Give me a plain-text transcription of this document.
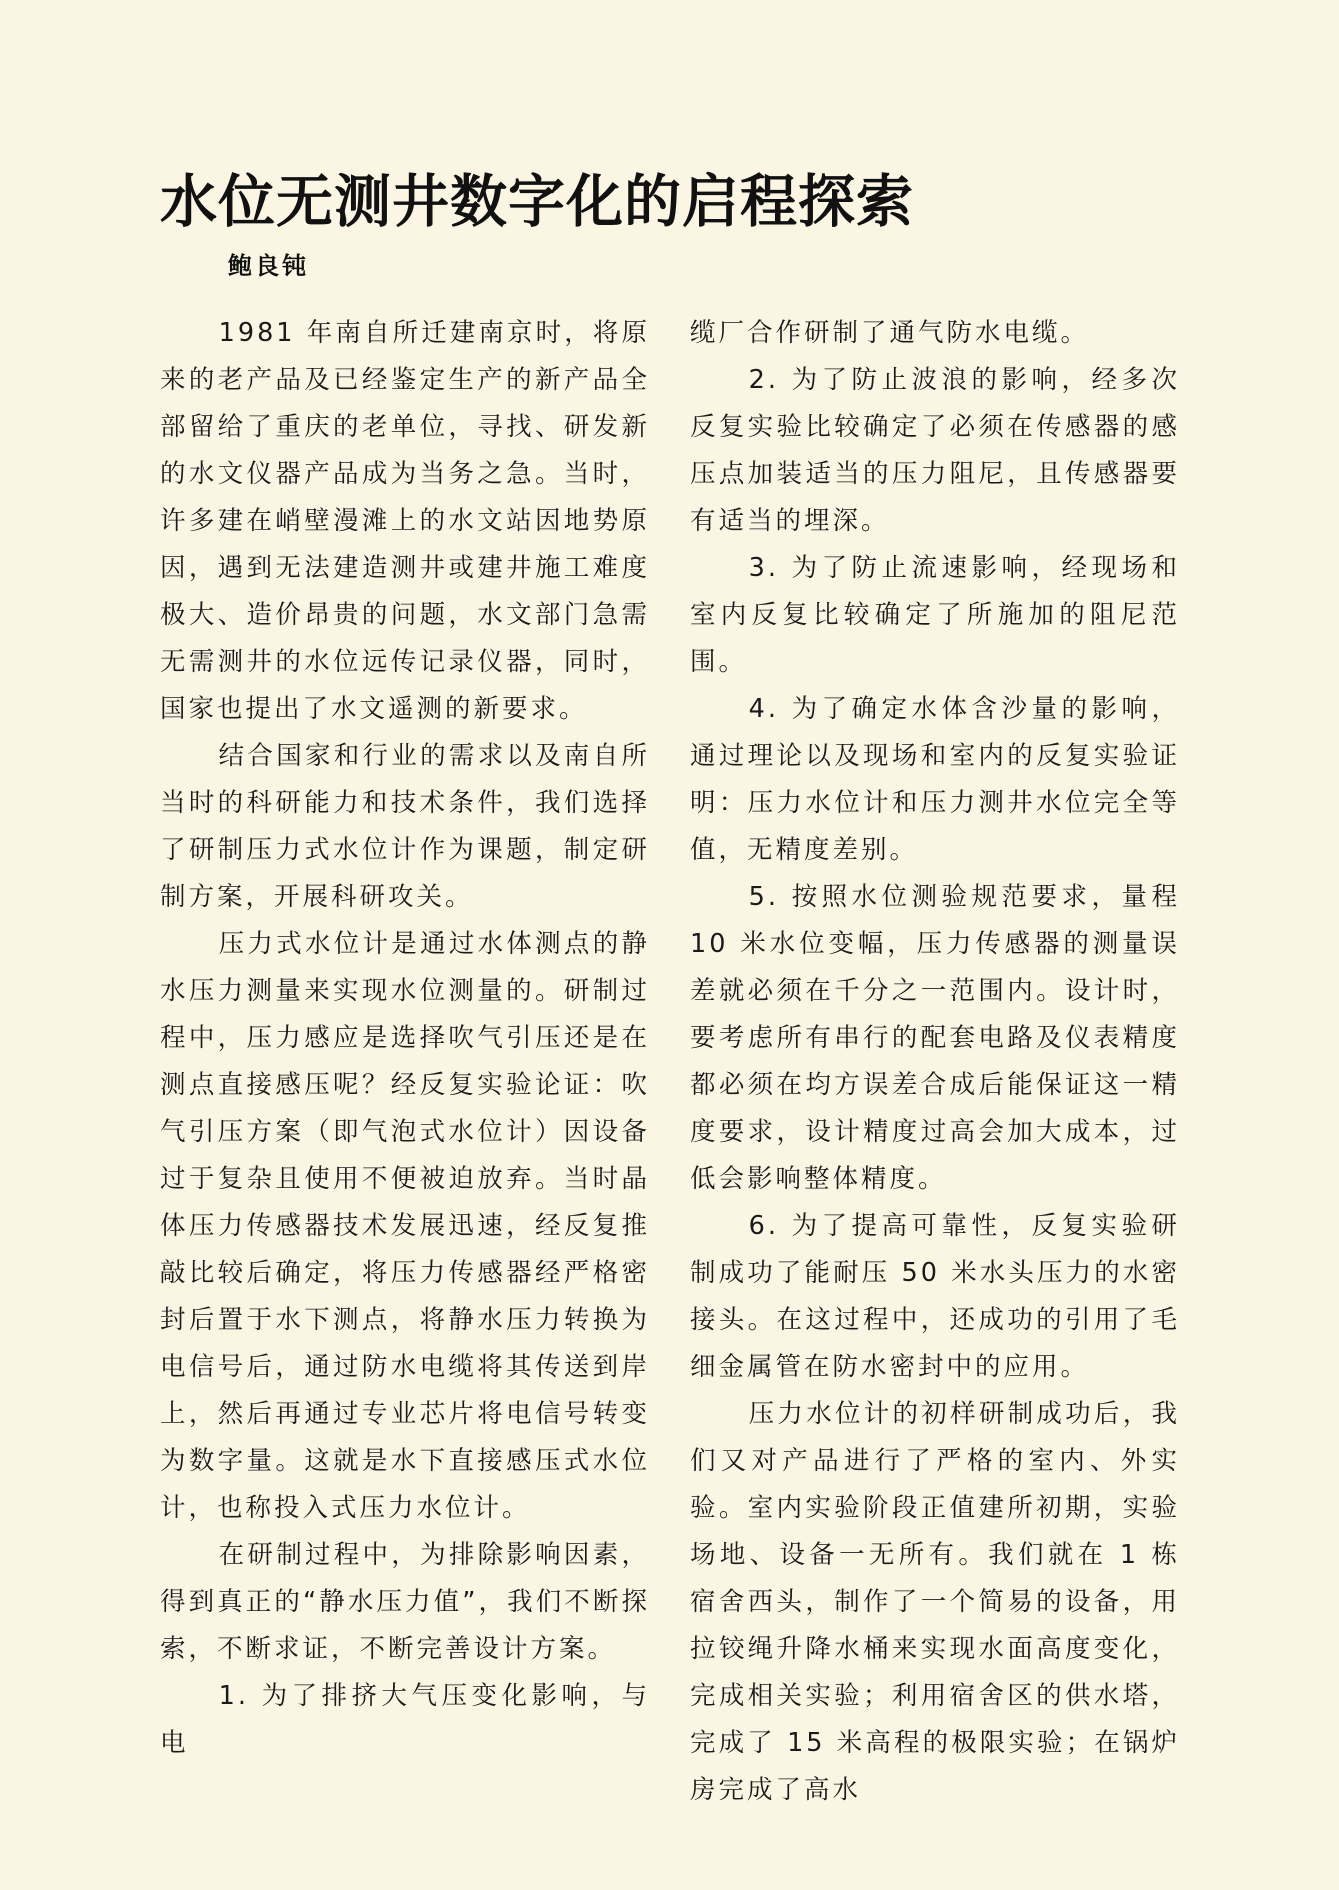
水位无测井数字化的启程探索
鲍良钝

1981 年南自所迁建南京时，将原来的老产品及已经鉴定生产的新产品全部留给了重庆的老单位，寻找、研发新的水文仪器产品成为当务之急。当时，许多建在峭壁漫滩上的水文站因地势原因，遇到无法建造测井或建井施工难度极大、造价昂贵的问题，水文部门急需无需测井的水位远传记录仪器，同时，国家也提出了水文遥测的新要求。

结合国家和行业的需求以及南自所当时的科研能力和技术条件，我们选择了研制压力式水位计作为课题，制定研制方案，开展科研攻关。

压力式水位计是通过水体测点的静水压力测量来实现水位测量的。研制过程中，压力感应是选择吹气引压还是在测点直接感压呢？经反复实验论证：吹气引压方案（即气泡式水位计）因设备过于复杂且使用不便被迫放弃。当时晶体压力传感器技术发展迅速，经反复推敲比较后确定，将压力传感器经严格密封后置于水下测点，将静水压力转换为电信号后，通过防水电缆将其传送到岸上，然后再通过专业芯片将电信号转变为数字量。这就是水下直接感压式水位计，也称投入式压力水位计。

在研制过程中，为排除影响因素，得到真正的“静水压力值”，我们不断探索，不断求证，不断完善设计方案。

1. 为了排挤大气压变化影响，与电

缆厂合作研制了通气防水电缆。

2. 为了防止波浪的影响，经多次反复实验比较确定了必须在传感器的感压点加装适当的压力阻尼，且传感器要有适当的埋深。

3. 为了防止流速影响，经现场和室内反复比较确定了所施加的阻尼范围。

4. 为了确定水体含沙量的影响，通过理论以及现场和室内的反复实验证明：压力水位计和压力测井水位完全等值，无精度差别。

5. 按照水位测验规范要求，量程 10 米水位变幅，压力传感器的测量误差就必须在千分之一范围内。设计时，要考虑所有串行的配套电路及仪表精度都必须在均方误差合成后能保证这一精度要求，设计精度过高会加大成本，过低会影响整体精度。

6. 为了提高可靠性，反复实验研制成功了能耐压 50 米水头压力的水密接头。在这过程中，还成功的引用了毛细金属管在防水密封中的应用。

压力水位计的初样研制成功后，我们又对产品进行了严格的室内、外实验。室内实验阶段正值建所初期，实验场地、设备一无所有。我们就在 1 栋宿舍西头，制作了一个简易的设备，用拉铰绳升降水桶来实现水面高度变化，完成相关实验；利用宿舍区的供水塔，完成了 15 米高程的极限实验；在锅炉房完成了高水
